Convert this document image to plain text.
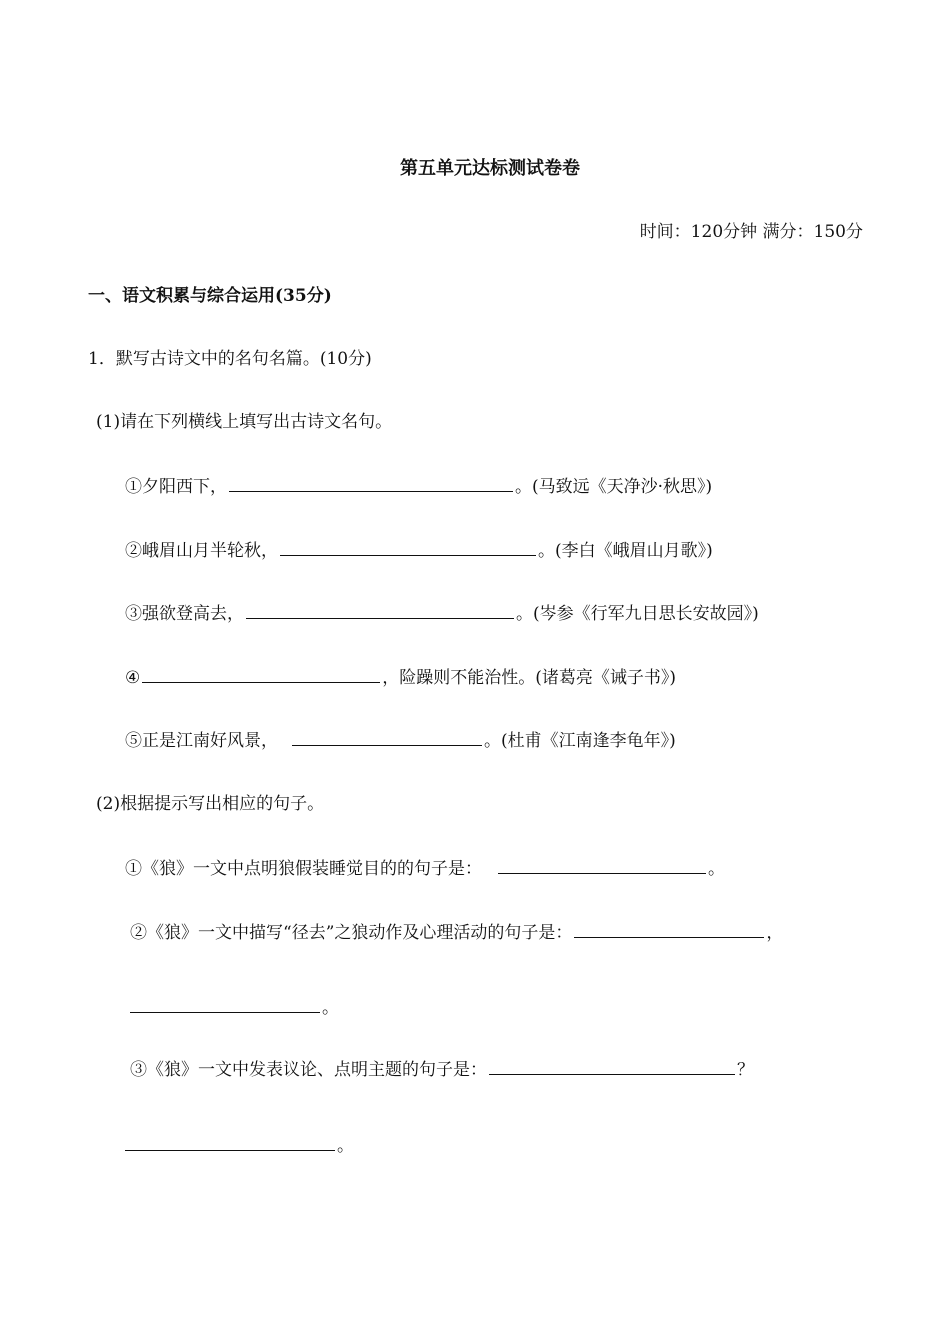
第五单元达标测试卷卷
时间：120分钟 满分：150分
一、语文积累与综合运用(35分)
1．默写古诗文中的名句名篇。(10分)
(1)请在下列横线上填写出古诗文名句。
①夕阳西下，	。(马致远《天净沙·秋思》)
②峨眉山月半轮秋，	。(李白《峨眉山月歌》)
③强欲登高去，	。(岑参《行军九日思长安故园》)
④	，险躁则不能治性。(诸葛亮《诫子书》)
⑤正是江南好风景，	。(杜甫《江南逢李龟年》)
(2)根据提示写出相应的句子。
①《狼》一文中点明狼假装睡觉目的的句子是：	。
②《狼》一文中描写“径去”之狼动作及心理活动的句子是：	，
。
③《狼》一文中发表议论、点明主题的句子是：	？
。
